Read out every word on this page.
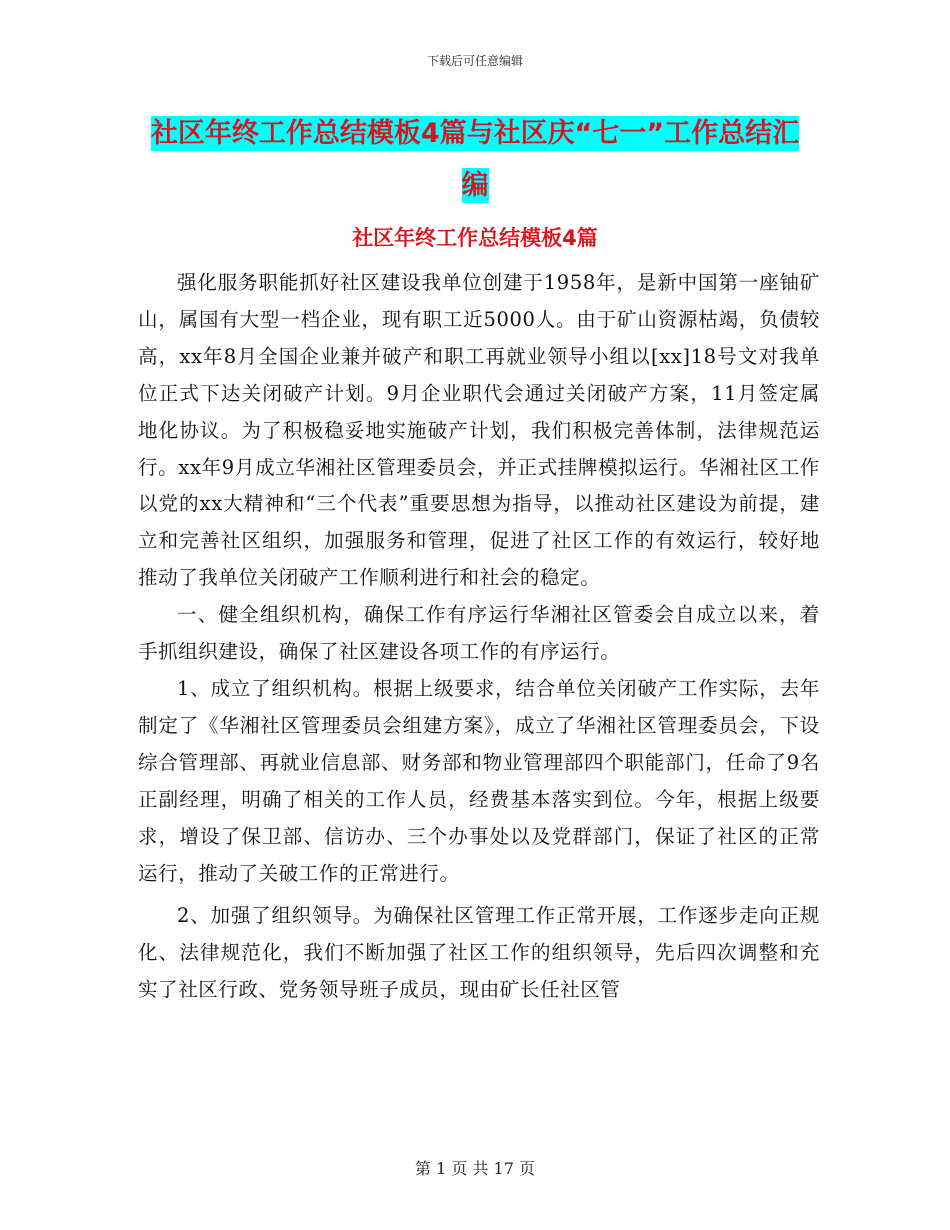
下载后可任意编辑
社区年终工作总结模板4篇与社区庆“七一”工作总结汇编
社区年终工作总结模板4篇

强化服务职能抓好社区建设我单位创建于1958年，是新中国第一座铀矿山，属国有大型一档企业，现有职工近5000人。由于矿山资源枯竭，负债较高，xx年8月全国企业兼并破产和职工再就业领导小组以[xx]18号文对我单位正式下达关闭破产计划。9月企业职代会通过关闭破产方案，11月签定属地化协议。为了积极稳妥地实施破产计划，我们积极完善体制，法律规范运行。xx年9月成立华湘社区管理委员会，并正式挂牌模拟运行。华湘社区工作以党的xx大精神和“三个代表”重要思想为指导，以推动社区建设为前提，建立和完善社区组织，加强服务和管理，促进了社区工作的有效运行，较好地推动了我单位关闭破产工作顺利进行和社会的稳定。

一、健全组织机构，确保工作有序运行华湘社区管委会自成立以来，着手抓组织建设，确保了社区建设各项工作的有序运行。

1、成立了组织机构。根据上级要求，结合单位关闭破产工作实际，去年制定了《华湘社区管理委员会组建方案》，成立了华湘社区管理委员会，下设综合管理部、再就业信息部、财务部和物业管理部四个职能部门，任命了9名正副经理，明确了相关的工作人员，经费基本落实到位。今年，根据上级要求，增设了保卫部、信访办、三个办事处以及党群部门，保证了社区的正常运行，推动了关破工作的正常进行。

2、加强了组织领导。为确保社区管理工作正常开展，工作逐步走向正规化、法律规范化，我们不断加强了社区工作的组织领导，先后四次调整和充实了社区行政、党务领导班子成员，现由矿长任社区管

第 1 页 共 17 页
